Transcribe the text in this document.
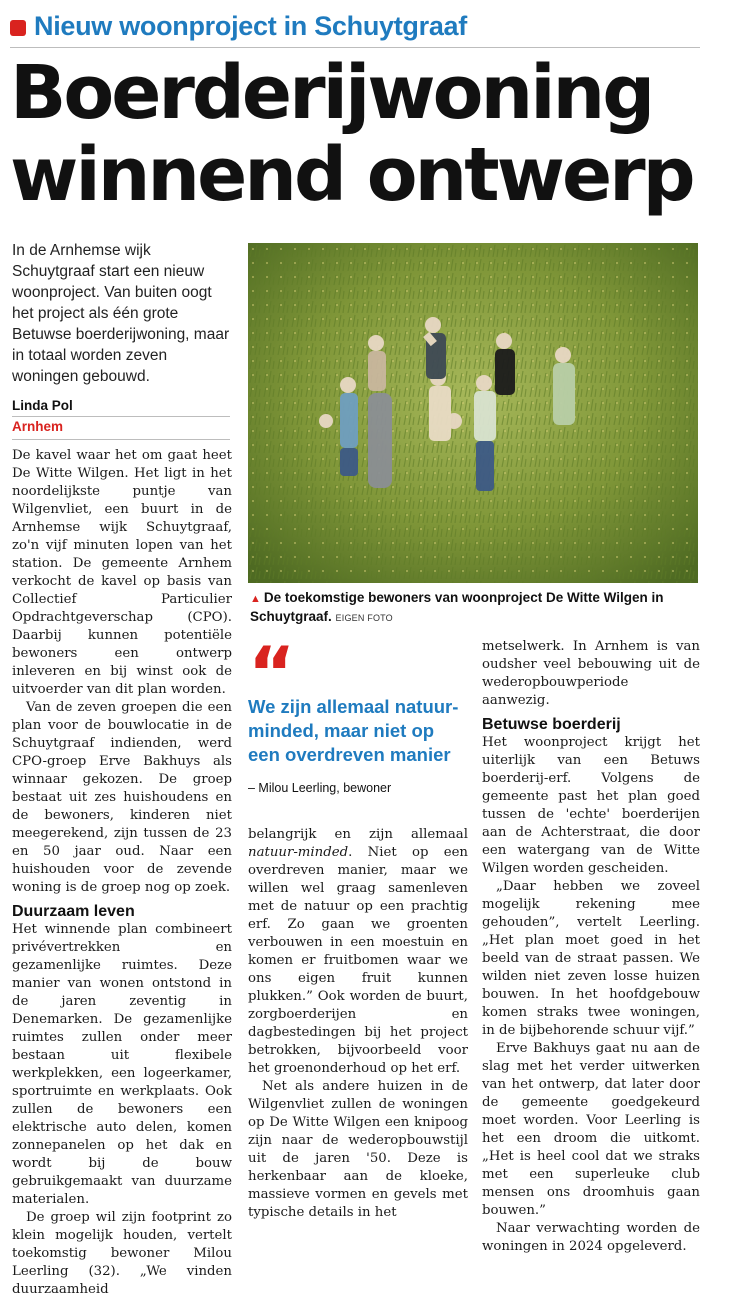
Nieuw woonproject in Schuytgraaf
Boerderijwoning
winnend ontwerp

In de Arnhemse wijk Schuytgraaf start een nieuw woonproject. Van buiten oogt het project als één grote Betuwse boerderijwoning, maar in totaal worden zeven woningen gebouwd.

Linda Pol
Arnhem

▲ De toekomstige bewoners van woonproject De Witte Wilgen in Schuytgraaf. EIGEN FOTO

De kavel waar het om gaat heet De Witte Wilgen. Het ligt in het noordelijkste puntje van Wilgenvliet, een buurt in de Arnhemse wijk Schuytgraaf, zo'n vijf minuten lopen van het station. De gemeente Arnhem verkocht de kavel op basis van Collectief Particulier Opdrachtgeverschap (CPO). Daarbij kunnen potentiële bewoners een ontwerp inleveren en bij winst ook de uitvoerder van dit plan worden.

Van de zeven groepen die een plan voor de bouwlocatie in de Schuytgraaf indienden, werd CPO-groep Erve Bakhuys als winnaar gekozen. De groep bestaat uit zes huishoudens en de bewoners, kinderen niet meegerekend, zijn tussen de 23 en 50 jaar oud. Naar een huishouden voor de zevende woning is de groep nog op zoek.

Duurzaam leven

Het winnende plan combineert privévertrekken en gezamenlijke ruimtes. Deze manier van wonen ontstond in de jaren zeventig in Denemarken. De gezamenlijke ruimtes zullen onder meer bestaan uit flexibele werkplekken, een logeerkamer, sportruimte en werkplaats. Ook zullen de bewoners een elektrische auto delen, komen zonnepanelen op het dak en wordt bij de bouw gebruikgemaakt van duurzame materialen.

De groep wil zijn footprint zo klein mogelijk houden, vertelt toekomstig bewoner Milou Leerling (32). „We vinden duurzaamheid

“
We zijn allemaal natuur-minded, maar niet op een overdreven manier
– Milou Leerling, bewoner

belangrijk en zijn allemaal natuur-minded. Niet op een overdreven manier, maar we willen wel graag samenleven met de natuur op een prachtig erf. Zo gaan we groenten verbouwen in een moestuin en komen er fruitbomen waar we ons eigen fruit kunnen plukken.” Ook worden de buurt, zorgboerderijen en dagbestedingen bij het project betrokken, bijvoorbeeld voor het groenonderhoud op het erf.

Net als andere huizen in de Wilgenvliet zullen de woningen op De Witte Wilgen een knipoog zijn naar de wederopbouwstijl uit de jaren '50. Deze is herkenbaar aan de kloeke, massieve vormen en gevels met typische details in het

metselwerk. In Arnhem is van oudsher veel bebouwing uit de wederopbouwperiode aanwezig.

Betuwse boerderij

Het woonproject krijgt het uiterlijk van een Betuws boerderij-erf. Volgens de gemeente past het plan goed tussen de 'echte' boerderijen aan de Achterstraat, die door een watergang van de Witte Wilgen worden gescheiden.

„Daar hebben we zoveel mogelijk rekening mee gehouden”, vertelt Leerling. „Het plan moet goed in het beeld van de straat passen. We wilden niet zeven losse huizen bouwen. In het hoofdgebouw komen straks twee woningen, in de bijbehorende schuur vijf.”

Erve Bakhuys gaat nu aan de slag met het verder uitwerken van het ontwerp, dat later door de gemeente goedgekeurd moet worden. Voor Leerling is het een droom die uitkomt. „Het is heel cool dat we straks met een superleuke club mensen ons droomhuis gaan bouwen.”

Naar verwachting worden de woningen in 2024 opgeleverd.
